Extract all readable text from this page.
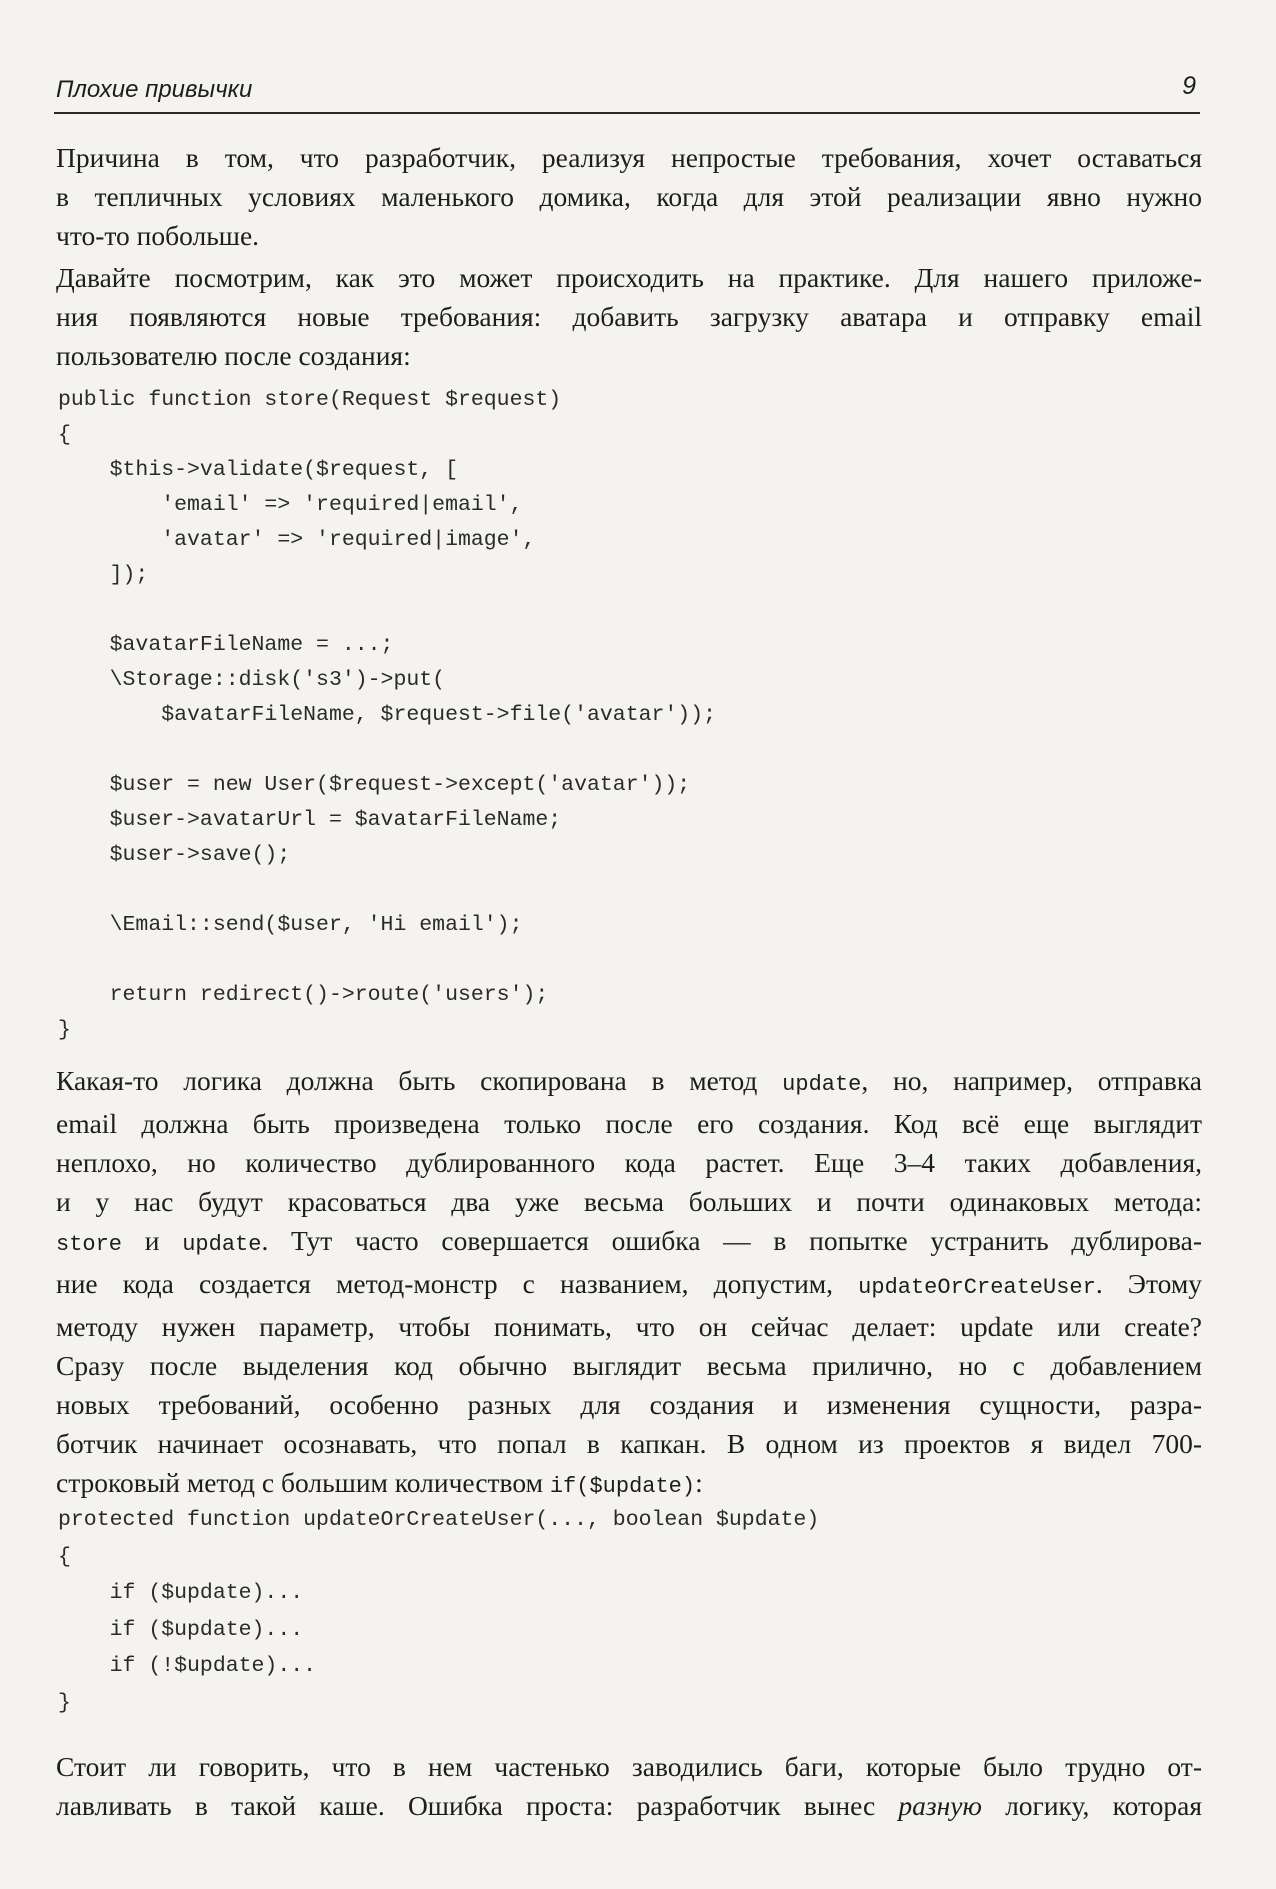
Плохие привычки	9
Причина в том, что разработчик, реализуя непростые требования, хочет оставаться
в тепличных условиях маленького домика, когда для этой реализации явно нужно
что-то побольше.
Давайте посмотрим, как это может происходить на практике. Для нашего приложе-
ния появляются новые требования: добавить загрузку аватара и отправку email
пользователю после создания:
public function store(Request $request)
{
$this->validate($request, [
'email' => 'required|email',
'avatar' => 'required|image',
]);
$avatarFileName = ...;
\Storage::disk('s3')->put(
$avatarFileName, $request->file('avatar'));
$user = new User($request->except('avatar'));
$user->avatarUrl = $avatarFileName;
$user->save();
\Email::send($user, 'Hi email');
return redirect()->route('users');
}
Какая-то логика должна быть скопирована в метод update, но, например, отправка
email должна быть произведена только после его создания. Код всё еще выглядит
неплохо, но количество дублированного кода растет. Еще 3–4 таких добавления,
и у нас будут красоваться два уже весьма больших и почти одинаковых метода:
store и update. Тут часто совершается ошибка — в попытке устранить дублирова-
ние кода создается метод-монстр с названием, допустим, updateOrCreateUser. Этому
методу нужен параметр, чтобы понимать, что он сейчас делает: update или create?
Сразу после выделения код обычно выглядит весьма прилично, но с добавлением
новых требований, особенно разных для создания и изменения сущности, разра-
ботчик начинает осознавать, что попал в капкан. В одном из проектов я видел 700-
строковый метод с большим количеством if($update):
protected function updateOrCreateUser(..., boolean $update)
{
if ($update)...
if ($update)...
if (!$update)...
}
Стоит ли говорить, что в нем частенько заводились баги, которые было трудно от-
лавливать в такой каше. Ошибка проста: разработчик вынес разную логику, которая
